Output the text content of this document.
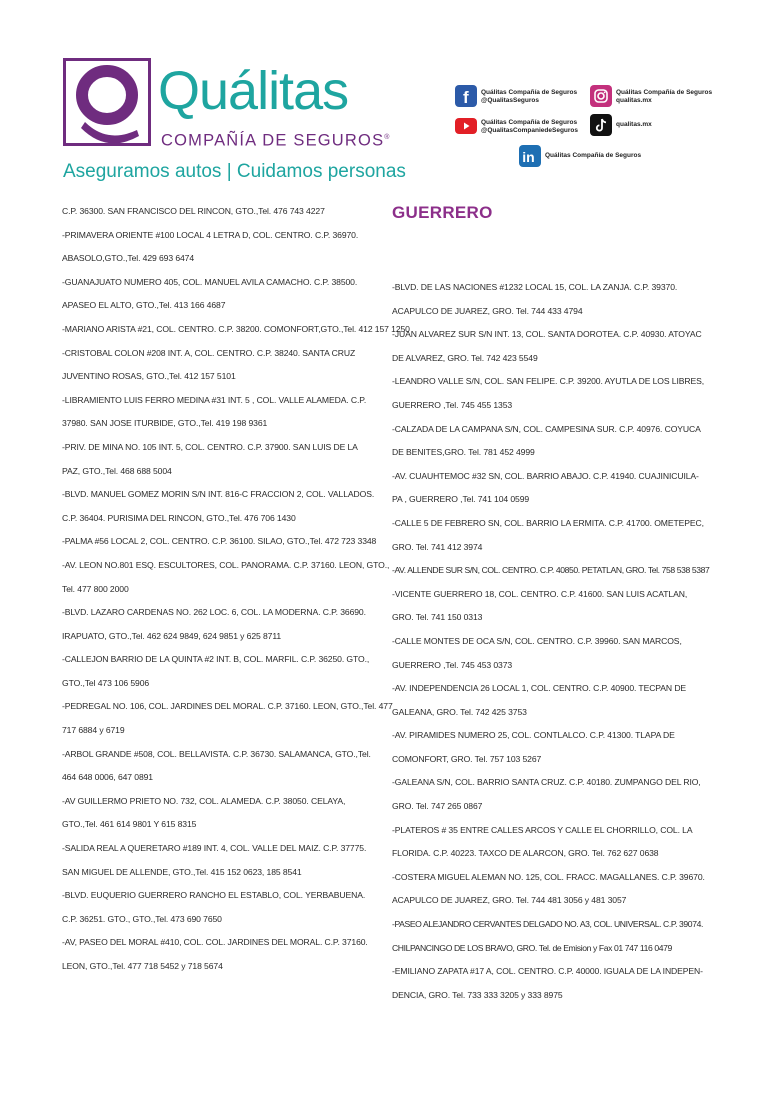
Quálitas
COMPAÑÍA DE SEGUROS®
Aseguramos autos | Cuidamos personas
f Quálitas Compañía de Seguros
@QualitasSeguros
Quálitas Compañía de Seguros
qualitas.mx
Quálitas Compañía de Seguros
@QualitasCompaniedeSeguros
qualitas.mx
in Quálitas Compañía de Seguros

C.P. 36300. SAN FRANCISCO DEL RINCON, GTO.,Tel. 476 743 4227

-PRIMAVERA ORIENTE #100 LOCAL 4 LETRA D, COL. CENTRO. C.P. 36970.

ABASOLO,GTO.,Tel. 429 693 6474

-GUANAJUATO NUMERO 405, COL. MANUEL AVILA CAMACHO. C.P. 38500.

APASEO EL ALTO, GTO.,Tel. 413 166 4687

-MARIANO ARISTA #21, COL. CENTRO. C.P. 38200. COMONFORT,GTO.,Tel. 412 157 1250

-CRISTOBAL COLON #208 INT. A, COL. CENTRO. C.P. 38240. SANTA CRUZ

JUVENTINO ROSAS, GTO.,Tel. 412 157 5101

-LIBRAMIENTO LUIS FERRO MEDINA #31 INT. 5 , COL. VALLE ALAMEDA. C.P.

37980. SAN JOSE ITURBIDE, GTO.,Tel. 419 198 9361

-PRIV. DE MINA NO. 105 INT. 5, COL. CENTRO. C.P. 37900. SAN LUIS DE LA

PAZ, GTO.,Tel. 468 688 5004

-BLVD. MANUEL GOMEZ MORIN S/N INT. 816-C FRACCION 2, COL. VALLADOS.

C.P. 36404. PURISIMA DEL RINCON, GTO.,Tel. 476 706 1430

-PALMA #56 LOCAL 2, COL. CENTRO. C.P. 36100. SILAO, GTO.,Tel. 472 723 3348

-AV. LEON NO.801 ESQ. ESCULTORES, COL. PANORAMA. C.P. 37160. LEON, GTO.,

Tel. 477 800 2000

-BLVD. LAZARO CARDENAS NO. 262 LOC. 6, COL. LA MODERNA. C.P. 36690.

IRAPUATO, GTO.,Tel. 462 624 9849, 624 9851 y 625 8711

-CALLEJON BARRIO DE LA QUINTA #2 INT. B, COL. MARFIL. C.P. 36250. GTO.,

GTO.,Tel 473 106 5906

-PEDREGAL NO. 106, COL. JARDINES DEL MORAL. C.P. 37160. LEON, GTO.,Tel. 477

717 6884 y 6719

-ARBOL GRANDE #508, COL. BELLAVISTA. C.P. 36730. SALAMANCA, GTO.,Tel.

464 648 0006, 647 0891

-AV GUILLERMO PRIETO NO. 732, COL. ALAMEDA. C.P. 38050. CELAYA,

GTO.,Tel. 461 614 9801 Y 615 8315

-SALIDA REAL A QUERETARO #189 INT. 4, COL. VALLE DEL MAIZ. C.P. 37775.

SAN MIGUEL DE ALLENDE, GTO.,Tel. 415 152 0623, 185 8541

-BLVD. EUQUERIO GUERRERO RANCHO EL ESTABLO, COL. YERBABUENA.

C.P. 36251. GTO., GTO.,Tel. 473 690 7650

-AV, PASEO DEL MORAL #410, COL. COL. JARDINES DEL MORAL. C.P. 37160.

LEON, GTO.,Tel. 477 718 5452 y 718 5674

GUERRERO

-BLVD. DE LAS NACIONES #1232 LOCAL 15, COL. LA ZANJA. C.P. 39370.

ACAPULCO DE JUAREZ, GRO. Tel. 744 433 4794

-JUAN ALVAREZ SUR S/N INT. 13, COL. SANTA DOROTEA. C.P. 40930. ATOYAC

DE ALVAREZ, GRO. Tel. 742 423 5549

-LEANDRO VALLE S/N, COL. SAN FELIPE. C.P. 39200. AYUTLA DE LOS LIBRES,

GUERRERO ,Tel. 745 455 1353

-CALZADA DE LA CAMPANA S/N, COL. CAMPESINA SUR. C.P. 40976. COYUCA

DE BENITES,GRO. Tel. 781 452 4999

-AV. CUAUHTEMOC #32 SN, COL. BARRIO ABAJO. C.P. 41940. CUAJINICUILA-

PA , GUERRERO ,Tel. 741 104 0599

-CALLE 5 DE FEBRERO SN, COL. BARRIO LA ERMITA. C.P. 41700. OMETEPEC,

GRO. Tel. 741 412 3974

-AV. ALLENDE SUR S/N, COL. CENTRO. C.P. 40850. PETATLAN, GRO. Tel. 758 538 5387

-VICENTE GUERRERO 18, COL. CENTRO. C.P. 41600. SAN LUIS ACATLAN,

GRO. Tel. 741 150 0313

-CALLE MONTES DE OCA S/N, COL. CENTRO. C.P. 39960. SAN MARCOS,

GUERRERO ,Tel. 745 453 0373

-AV. INDEPENDENCIA 26 LOCAL 1, COL. CENTRO. C.P. 40900. TECPAN DE

GALEANA, GRO. Tel. 742 425 3753

-AV. PIRAMIDES NUMERO 25, COL. CONTLALCO. C.P. 41300. TLAPA DE

COMONFORT, GRO. Tel. 757 103 5267

-GALEANA S/N, COL. BARRIO SANTA CRUZ. C.P. 40180. ZUMPANGO DEL RIO,

GRO. Tel. 747 265 0867

-PLATEROS # 35 ENTRE CALLES ARCOS Y CALLE EL CHORRILLO, COL. LA

FLORIDA. C.P. 40223. TAXCO DE ALARCON, GRO. Tel. 762 627 0638

-COSTERA MIGUEL ALEMAN NO. 125, COL. FRACC. MAGALLANES. C.P. 39670.

ACAPULCO DE JUAREZ, GRO. Tel. 744 481 3056 y 481 3057

-PASEO ALEJANDRO CERVANTES DELGADO NO. A3, COL. UNIVERSAL. C.P. 39074.

CHILPANCINGO DE LOS BRAVO, GRO. Tel. de Emision y Fax 01 747 116 0479

-EMILIANO ZAPATA #17 A, COL. CENTRO. C.P. 40000. IGUALA DE LA INDEPEN-

DENCIA, GRO. Tel. 733 333 3205 y 333 8975
